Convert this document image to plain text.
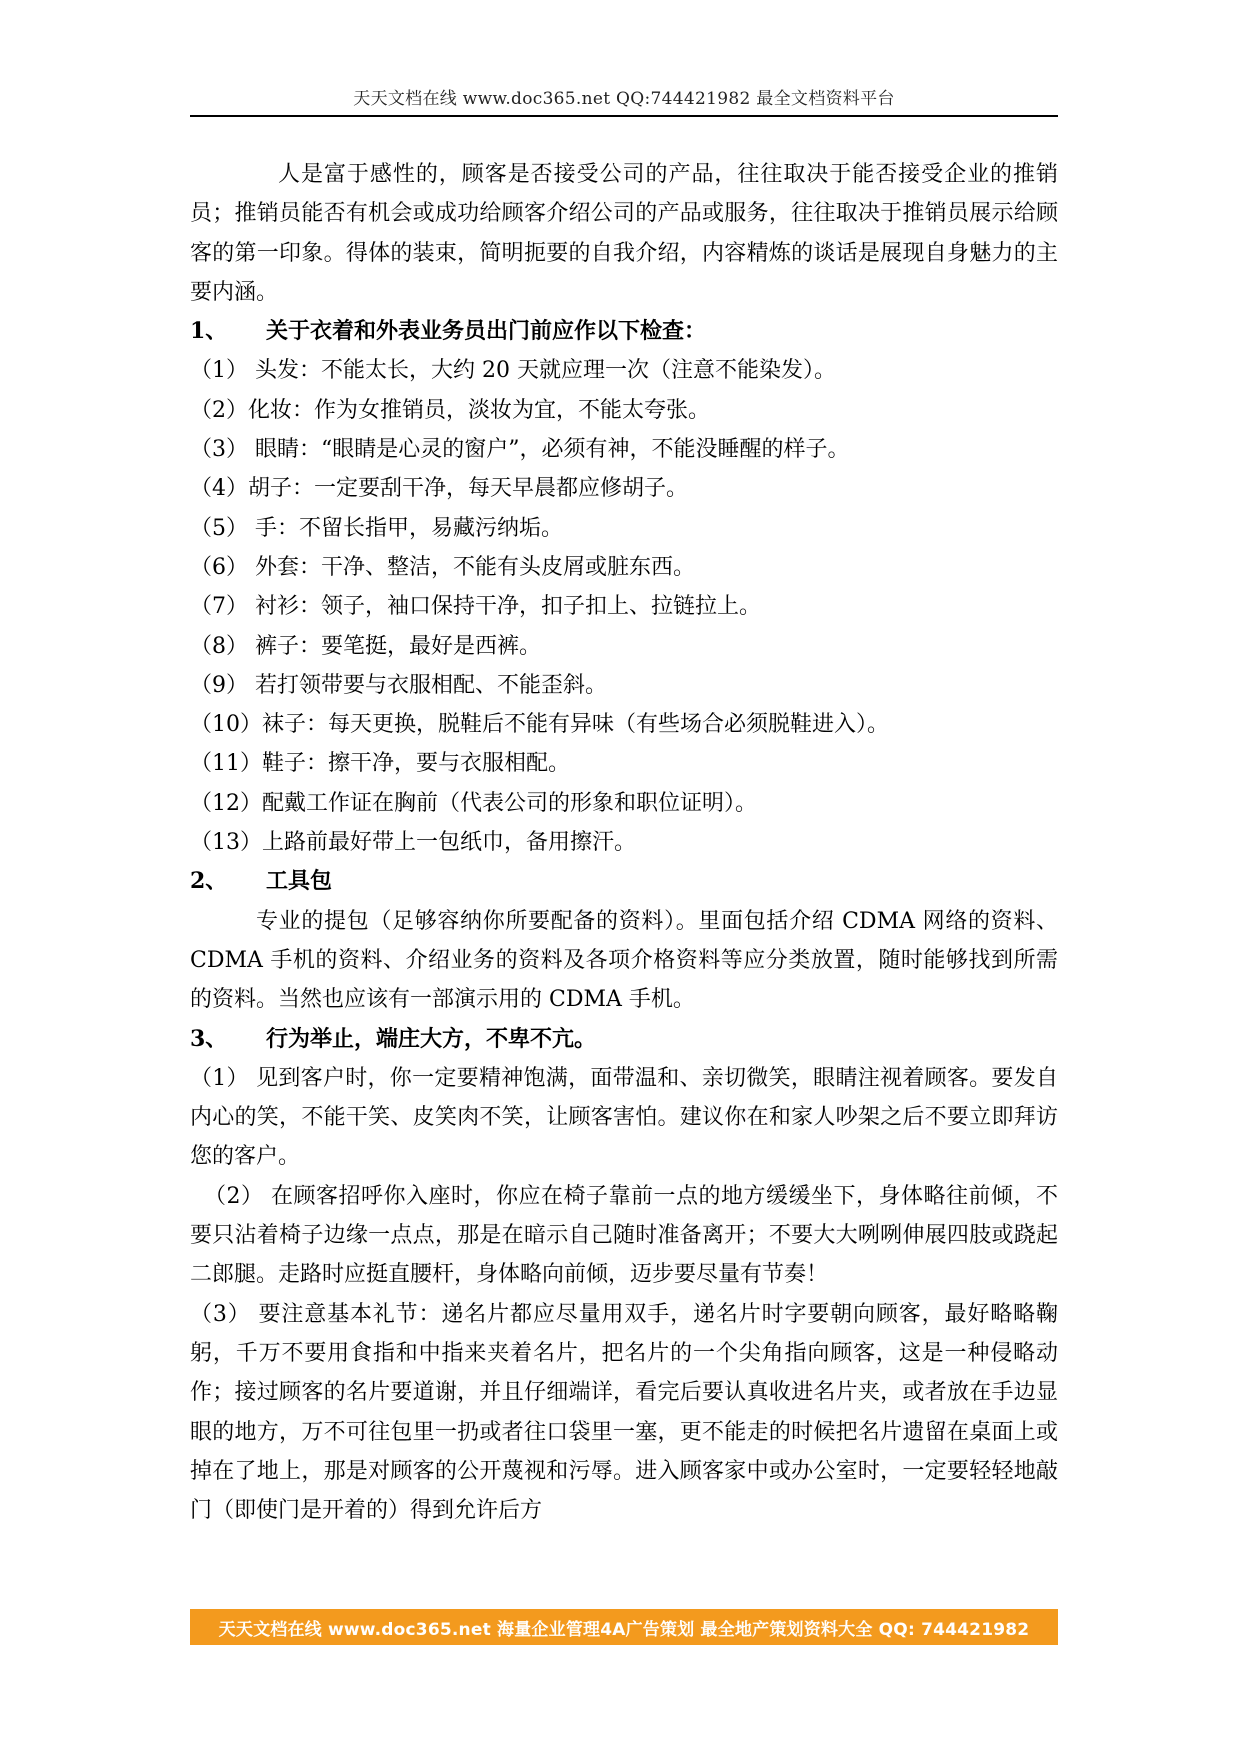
天天文档在线 www.doc365.net QQ:744421982 最全文档资料平台

人是富于感性的，顾客是否接受公司的产品，往往取决于能否接受企业的推销员；推销员能否有机会或成功给顾客介绍公司的产品或服务，往往取决于推销员展示给顾客的第一印象。得体的装束，简明扼要的自我介绍，内容精炼的谈话是展现自身魅力的主要内涵。

1、 关于衣着和外表业务员出门前应作以下检查：

（1） 头发：不能太长，大约 20 天就应理一次（注意不能染发）。

（2）化妆：作为女推销员，淡妆为宜，不能太夸张。

（3） 眼睛：“眼睛是心灵的窗户”，必须有神，不能没睡醒的样子。

（4）胡子：一定要刮干净，每天早晨都应修胡子。

（5） 手：不留长指甲，易藏污纳垢。

（6） 外套：干净、整洁，不能有头皮屑或脏东西。

（7） 衬衫：领子，袖口保持干净，扣子扣上、拉链拉上。

（8） 裤子：要笔挺，最好是西裤。

（9） 若打领带要与衣服相配、不能歪斜。

（10）袜子：每天更换，脱鞋后不能有异味（有些场合必须脱鞋进入）。

（11）鞋子：擦干净，要与衣服相配。

（12）配戴工作证在胸前（代表公司的形象和职位证明）。

（13）上路前最好带上一包纸巾，备用擦汗。

2、 工具包

专业的提包（足够容纳你所要配备的资料）。里面包括介绍 CDMA 网络的资料、CDMA 手机的资料、介绍业务的资料及各项介格资料等应分类放置，随时能够找到所需的资料。当然也应该有一部演示用的 CDMA 手机。

3、 行为举止，端庄大方，不卑不亢。

（1） 见到客户时，你一定要精神饱满，面带温和、亲切微笑，眼睛注视着顾客。要发自内心的笑，不能干笑、皮笑肉不笑，让顾客害怕。建议你在和家人吵架之后不要立即拜访您的客户。

（2） 在顾客招呼你入座时，你应在椅子靠前一点的地方缓缓坐下，身体略往前倾，不要只沾着椅子边缘一点点，那是在暗示自己随时准备离开；不要大大咧咧伸展四肢或跷起二郎腿。走路时应挺直腰杆，身体略向前倾，迈步要尽量有节奏！

（3） 要注意基本礼节：递名片都应尽量用双手，递名片时字要朝向顾客，最好略略鞠躬，千万不要用食指和中指来夹着名片，把名片的一个尖角指向顾客，这是一种侵略动作；接过顾客的名片要道谢，并且仔细端详，看完后要认真收进名片夹，或者放在手边显眼的地方，万不可往包里一扔或者往口袋里一塞，更不能走的时候把名片遗留在桌面上或掉在了地上，那是对顾客的公开蔑视和污辱。进入顾客家中或办公室时，一定要轻轻地敲门（即使门是开着的）得到允许后方

天天文档在线 www.doc365.net 海量企业管理4A广告策划 最全地产策划资料大全 QQ: 744421982
